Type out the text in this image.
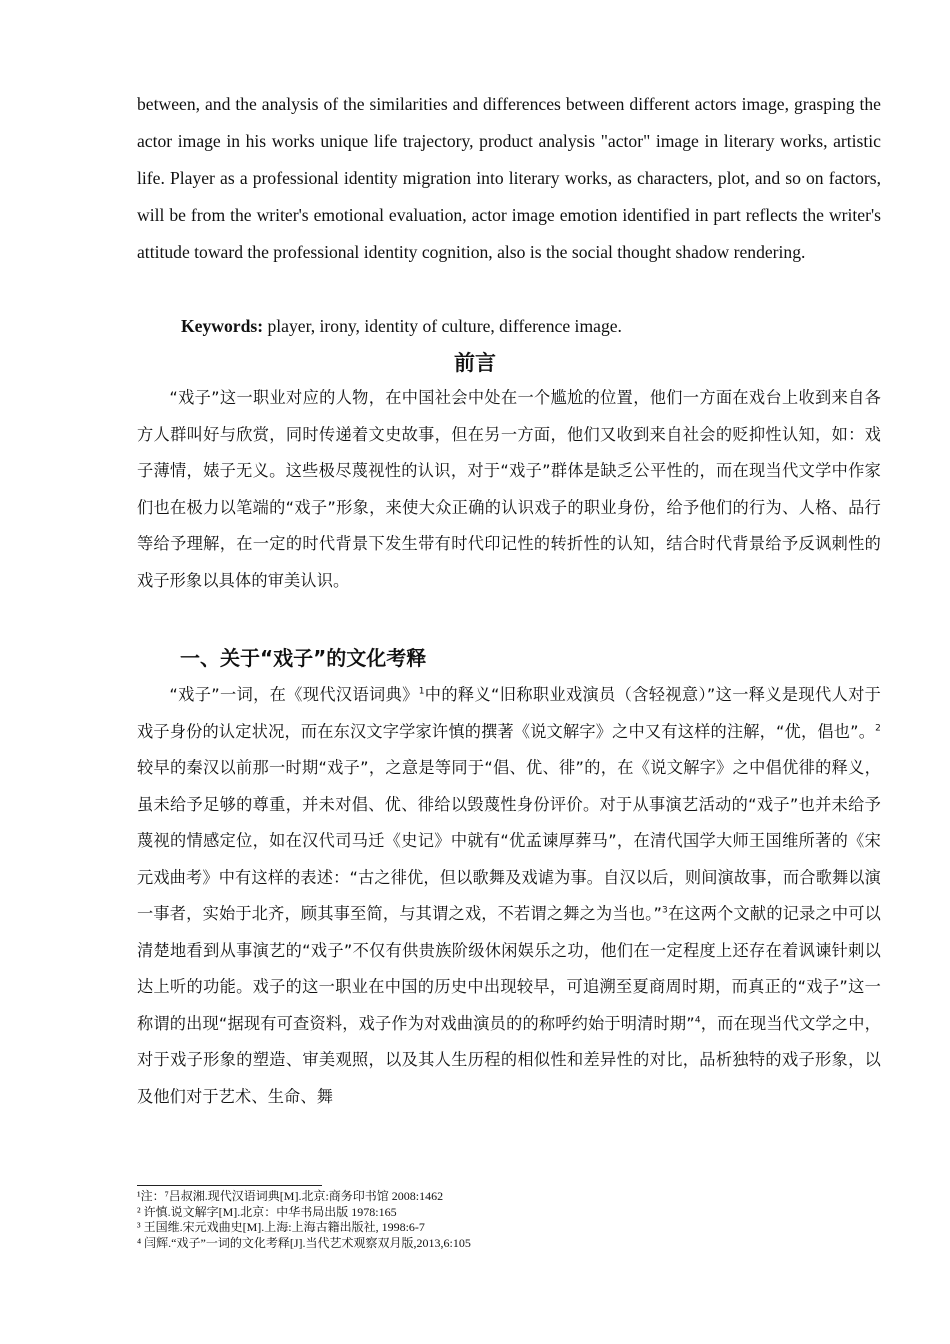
between, and the analysis of the similarities and differences between different actors image, grasping the actor image in his works unique life trajectory, product analysis "actor" image in literary works, artistic life. Player as a professional identity migration into literary works, as characters, plot, and so on factors, will be from the writer's emotional evaluation, actor image emotion identified in part reflects the writer's attitude toward the professional identity cognition, also is the social thought shadow rendering.

Keywords: player, irony, identity of culture, difference image.

前言

“戏子”这一职业对应的人物，在中国社会中处在一个尴尬的位置，他们一方面在戏台上收到来自各方人群叫好与欣赏，同时传递着文史故事，但在另一方面，他们又收到来自社会的贬抑性认知，如：戏子薄情，婊子无义。这些极尽蔑视性的认识，对于“戏子”群体是缺乏公平性的，而在现当代文学中作家们也在极力以笔端的“戏子”形象，来使大众正确的认识戏子的职业身份，给予他们的行为、人格、品行等给予理解，在一定的时代背景下发生带有时代印记性的转折性的认知，结合时代背景给予反讽刺性的戏子形象以具体的审美认识。

一、关于“戏子”的文化考释

“戏子”一词，在《现代汉语词典》$^1$中的释义“旧称职业戏演员（含轻视意）”这一释义是现代人对于戏子身份的认定状况，而在东汉文字学家许慎的撰著《说文解字》之中又有这样的注解，“优，倡也”。$^2$较早的秦汉以前那一时期“戏子”，之意是等同于“倡、优、徘”的，在《说文解字》之中倡优徘的释义，虽未给予足够的尊重，并未对倡、优、徘给以毁蔑性身份评价。对于从事演艺活动的“戏子”也并未给予蔑视的情感定位，如在汉代司马迁《史记》中就有“优孟谏厚葬马”，在清代国学大师王国维所著的《宋元戏曲考》中有这样的表述：“古之徘优，但以歌舞及戏谑为事。自汉以后，则间演故事，而合歌舞以演一事者，实始于北齐，顾其事至简，与其谓之戏，不若谓之舞之为当也。”$^3$在这两个文献的记录之中可以清楚地看到从事演艺的“戏子”不仅有供贵族阶级休闲娱乐之功，他们在一定程度上还存在着讽谏针刺以达上听的功能。戏子的这一职业在中国的历史中出现较早，可追溯至夏商周时期，而真正的“戏子”这一称谓的出现“据现有可查资料，戏子作为对戏曲演员的的称呼约始于明清时期”$^4$，而在现当代文学之中，对于戏子形象的塑造、审美观照，以及其人生历程的相似性和差异性的对比，品析独特的戏子形象，以及他们对于艺术、生命、舞

¹注：⁷吕叔湘.现代汉语词典[M].北京:商务印书馆 2008:1462
² 许慎.说文解字[M].北京：中华书局出版 1978:165
³ 王国维.宋元戏曲史[M].上海:上海古籍出版社, 1998:6-7
⁴ 闫辉.“戏子”一词的文化考释[J].当代艺术观察双月版,2013,6:105
